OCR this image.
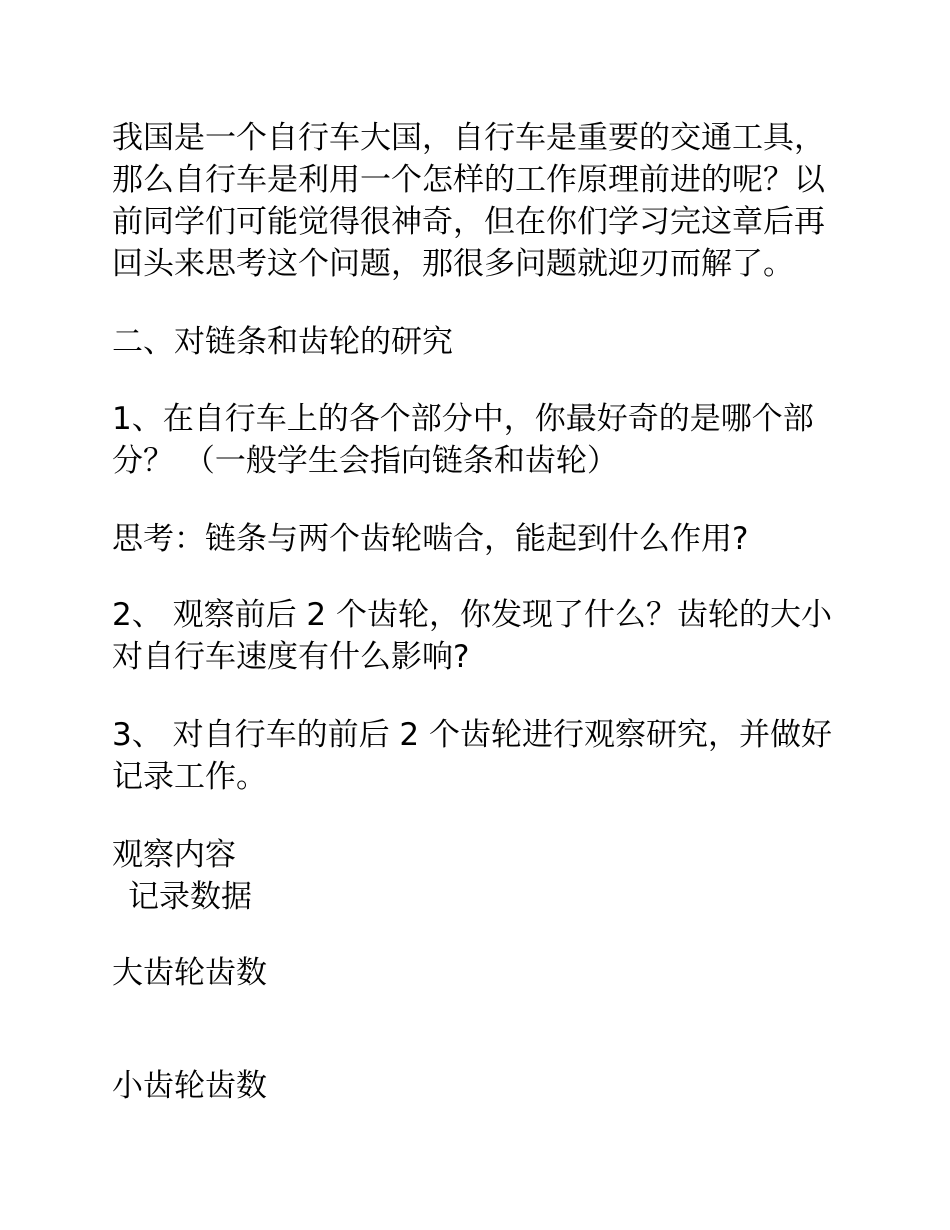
我国是一个自行车大国，自行车是重要的交通工具，
那么自行车是利用一个怎样的工作原理前进的呢？以
前同学们可能觉得很神奇，但在你们学习完这章后再
回头来思考这个问题，那很多问题就迎刃而解了。

二、对链条和齿轮的研究

1、在自行车上的各个部分中，你最好奇的是哪个部
分？ （一般学生会指向链条和齿轮）

思考：链条与两个齿轮啮合，能起到什么作用?

2、 观察前后 2 个齿轮，你发现了什么？齿轮的大小
对自行车速度有什么影响?

3、 对自行车的前后 2 个齿轮进行观察研究，并做好
记录工作。

观察内容
记录数据

大齿轮齿数

小齿轮齿数
